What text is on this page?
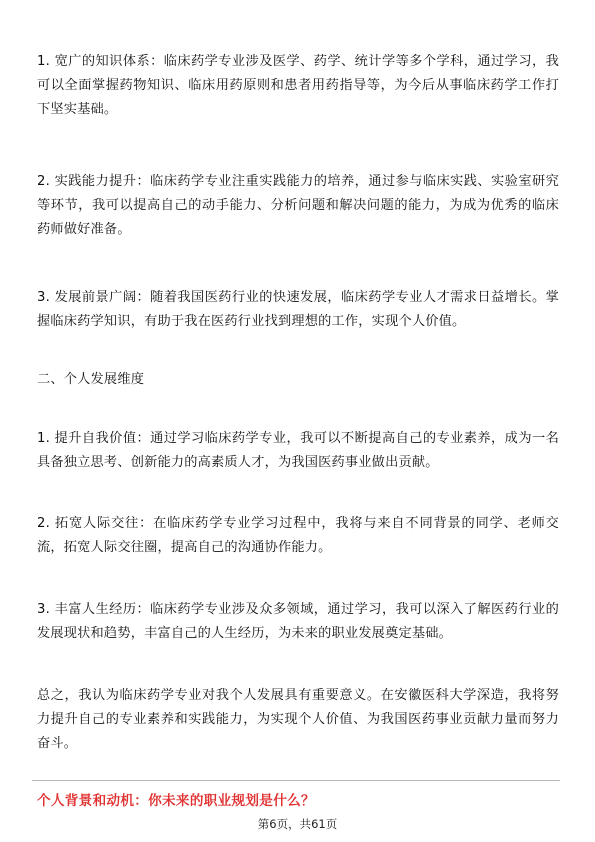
1. 宽广的知识体系：临床药学专业涉及医学、药学、统计学等多个学科，通过学习，我可以全面掌握药物知识、临床用药原则和患者用药指导等，为今后从事临床药学工作打下坚实基础。

2. 实践能力提升：临床药学专业注重实践能力的培养，通过参与临床实践、实验室研究等环节，我可以提高自己的动手能力、分析问题和解决问题的能力，为成为优秀的临床药师做好准备。

3. 发展前景广阔：随着我国医药行业的快速发展，临床药学专业人才需求日益增长。掌握临床药学知识，有助于我在医药行业找到理想的工作，实现个人价值。

二、个人发展维度

1. 提升自我价值：通过学习临床药学专业，我可以不断提高自己的专业素养，成为一名具备独立思考、创新能力的高素质人才，为我国医药事业做出贡献。

2. 拓宽人际交往：在临床药学专业学习过程中，我将与来自不同背景的同学、老师交流，拓宽人际交往圈，提高自己的沟通协作能力。

3. 丰富人生经历：临床药学专业涉及众多领域，通过学习，我可以深入了解医药行业的发展现状和趋势，丰富自己的人生经历，为未来的职业发展奠定基础。

总之，我认为临床药学专业对我个人发展具有重要意义。在安徽医科大学深造，我将努力提升自己的专业素养和实践能力，为实现个人价值、为我国医药事业贡献力量而努力奋斗。

个人背景和动机：你未来的职业规划是什么？

第6页，共61页
